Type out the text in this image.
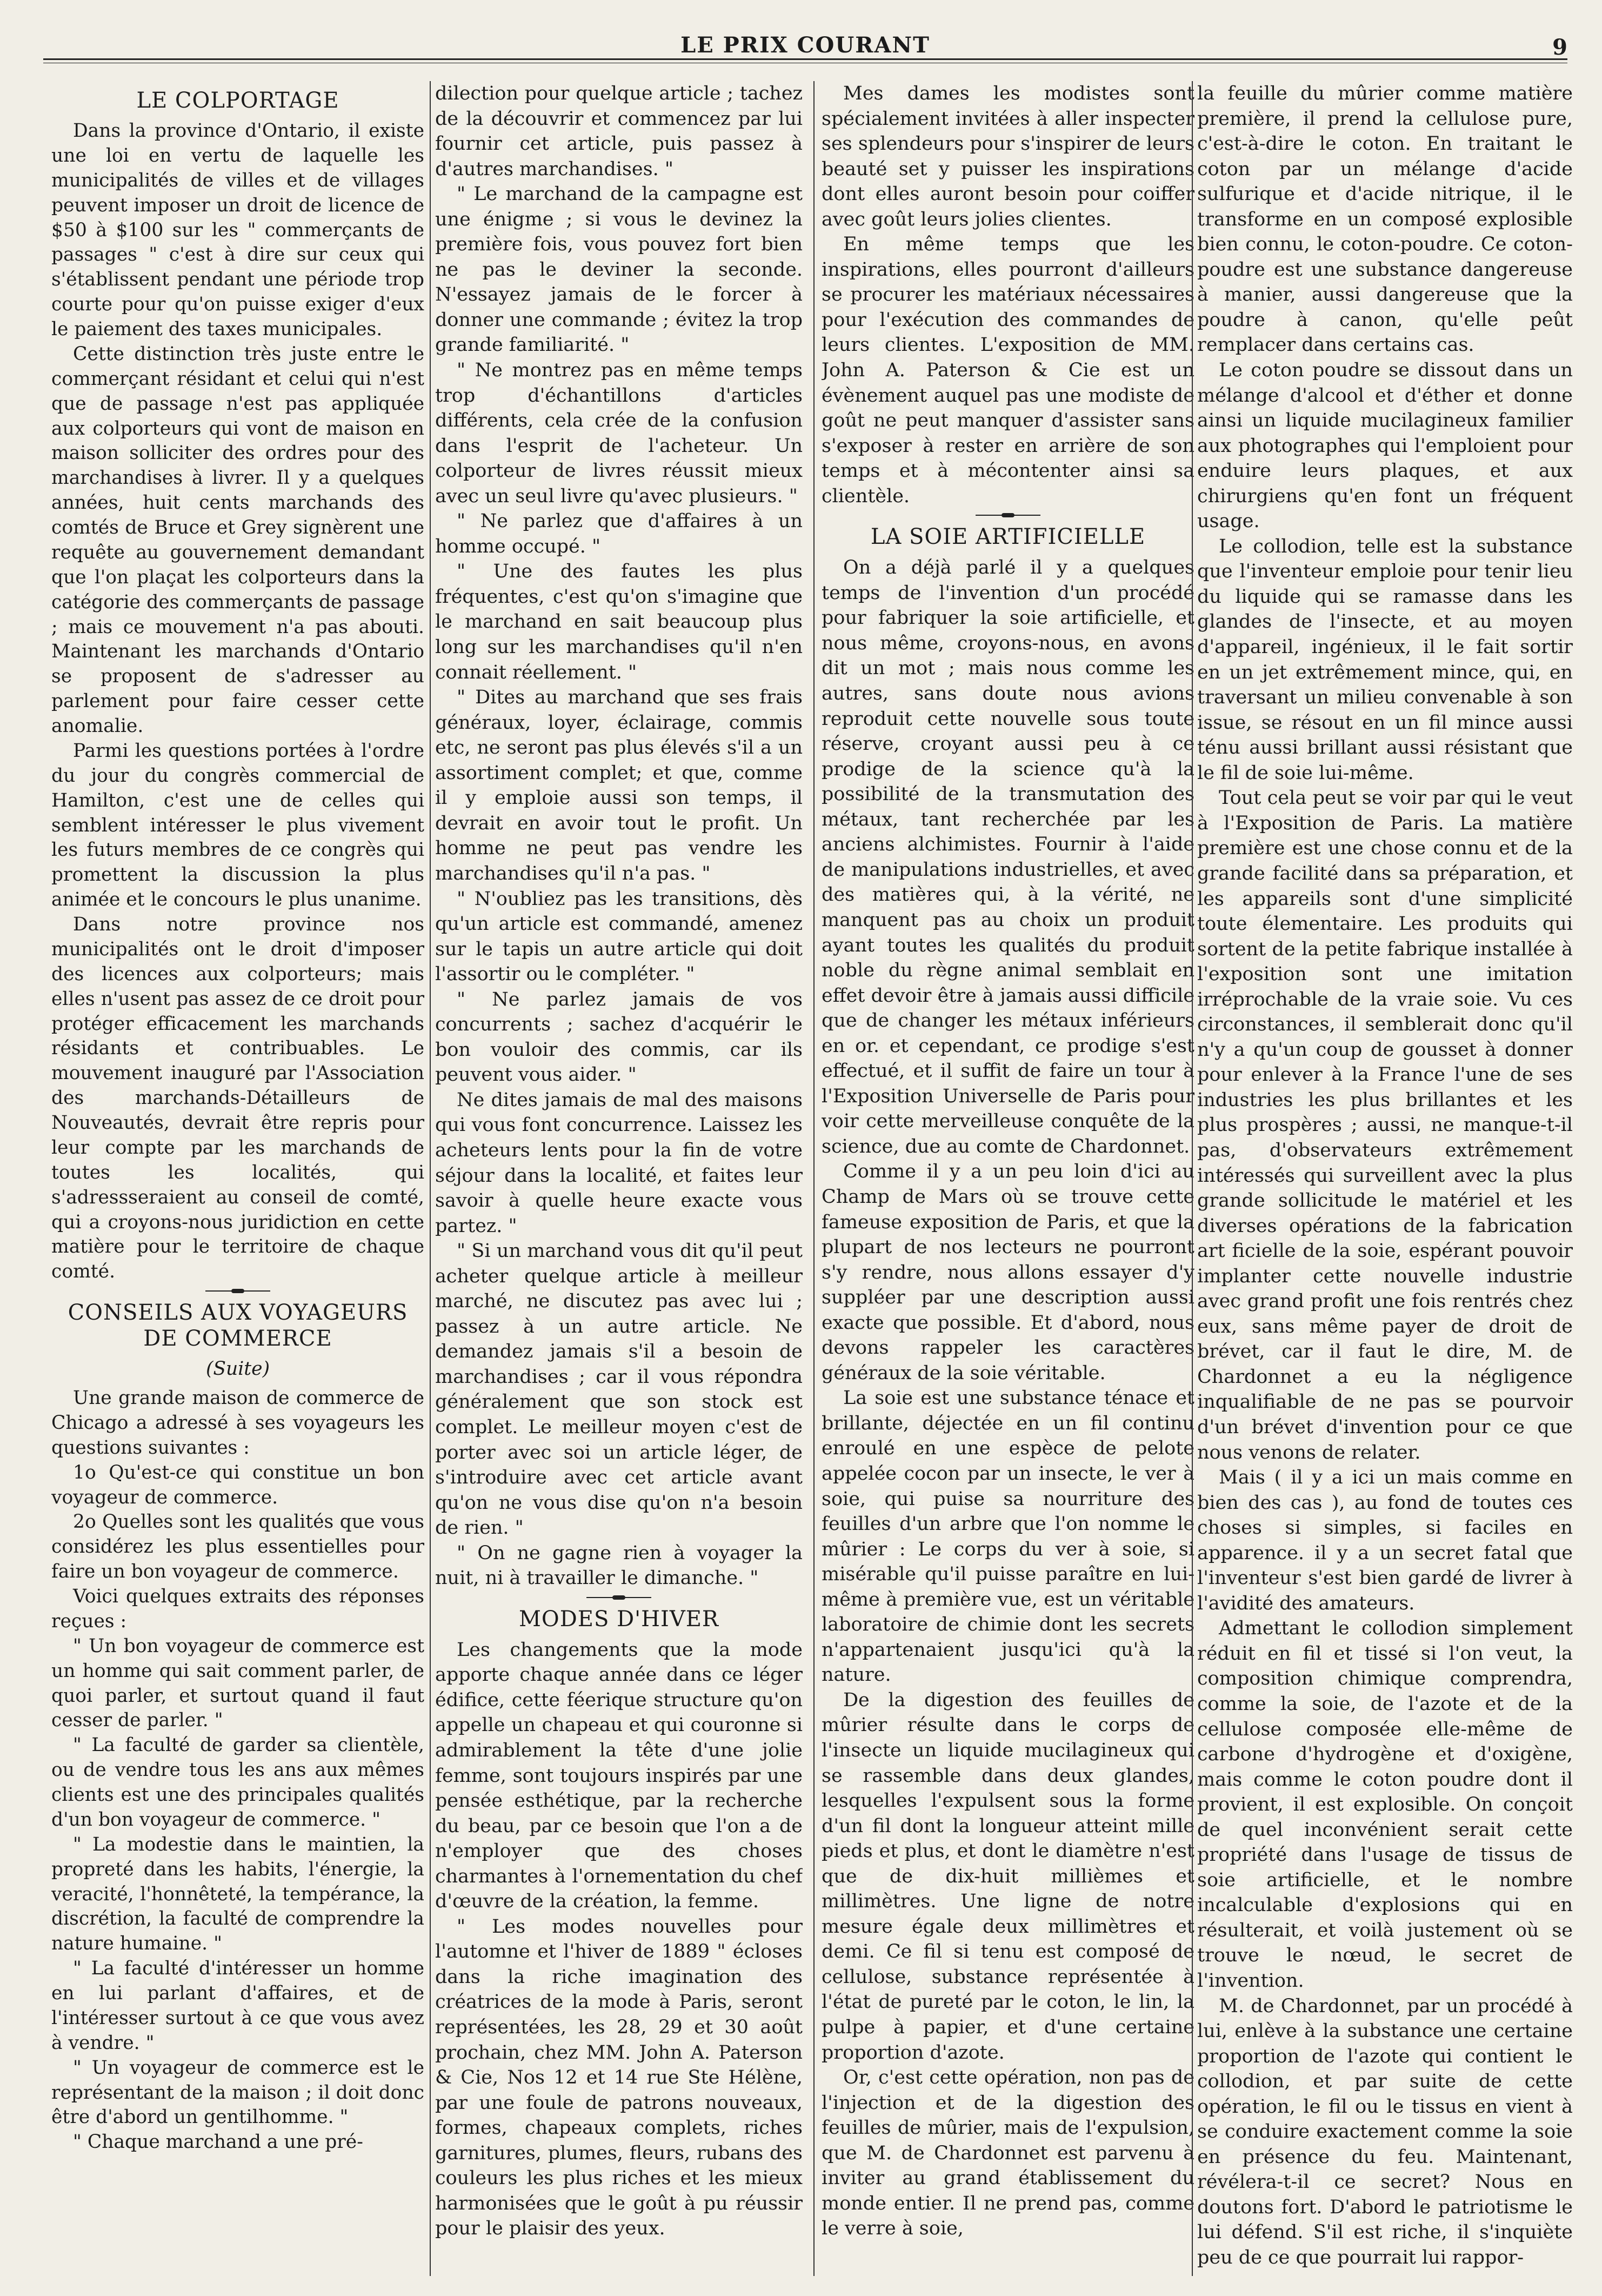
LE PRIX COURANT	9
LE COLPORTAGE

Dans la province d'Ontario, il existe une loi en vertu de laquelle les municipalités de villes et de villages peuvent imposer un droit de licence de $50 à $100 sur les " commerçants de passages " c'est à dire sur ceux qui s'établissent pendant une période trop courte pour qu'on puisse exiger d'eux le paiement des taxes municipales.

Cette distinction très juste entre le commerçant résidant et celui qui n'est que de passage n'est pas appliquée aux colporteurs qui vont de maison en maison solliciter des ordres pour des marchandises à livrer. Il y a quelques années, huit cents marchands des comtés de Bruce et Grey signèrent une requête au gouvernement demandant que l'on plaçat les colporteurs dans la catégorie des commerçants de passage ; mais ce mouvement n'a pas abouti. Maintenant les marchands d'Ontario se proposent de s'adresser au parlement pour faire cesser cette anomalie.

Parmi les questions portées à l'ordre du jour du congrès commercial de Hamilton, c'est une de celles qui semblent intéresser le plus vivement les futurs membres de ce congrès qui promettent la discussion la plus animée et le concours le plus unanime.

Dans notre province nos municipalités ont le droit d'imposer des licences aux colporteurs; mais elles n'usent pas assez de ce droit pour protéger efficacement les marchands résidants et contribuables. Le mouvement inauguré par l'Association des marchands-Détailleurs de Nouveautés, devrait être repris pour leur compte par les marchands de toutes les localités, qui s'adressseraient au conseil de comté, qui a croyons-nous juridiction en cette matière pour le territoire de chaque comté.

CONSEILS AUX VOYAGEURS DE COMMERCE

(Suite)

Une grande maison de commerce de Chicago a adressé à ses voyageurs les questions suivantes :

1o Qu'est-ce qui constitue un bon voyageur de commerce.

2o Quelles sont les qualités que vous considérez les plus essentielles pour faire un bon voyageur de commerce.

Voici quelques extraits des réponses reçues :

" Un bon voyageur de commerce est un homme qui sait comment parler, de quoi parler, et surtout quand il faut cesser de parler. "

" La faculté de garder sa clientèle, ou de vendre tous les ans aux mêmes clients est une des principales qualités d'un bon voyageur de commerce. "

" La modestie dans le maintien, la propreté dans les habits, l'énergie, la veracité, l'honnêteté, la tempérance, la discrétion, la faculté de comprendre la nature humaine. "

" La faculté d'intéresser un homme en lui parlant d'affaires, et de l'intéresser surtout à ce que vous avez à vendre. "

" Un voyageur de commerce est le représentant de la maison ; il doit donc être d'abord un gentilhomme. "

" Chaque marchand a une pré-

dilection pour quelque article ; tachez de la découvrir et commencez par lui fournir cet article, puis passez à d'autres marchandises. "

" Le marchand de la campagne est une énigme ; si vous le devinez la première fois, vous pouvez fort bien ne pas le deviner la seconde. N'essayez jamais de le forcer à donner une commande ; évitez la trop grande familiarité. "

" Ne montrez pas en même temps trop d'échantillons d'articles différents, cela crée de la confusion dans l'esprit de l'acheteur. Un colporteur de livres réussit mieux avec un seul livre qu'avec plusieurs. "

" Ne parlez que d'affaires à un homme occupé. "

" Une des fautes les plus fréquentes, c'est qu'on s'imagine que le marchand en sait beaucoup plus long sur les marchandises qu'il n'en connait réellement. "

" Dites au marchand que ses frais généraux, loyer, éclairage, commis etc, ne seront pas plus élevés s'il a un assortiment complet; et que, comme il y emploie aussi son temps, il devrait en avoir tout le profit. Un homme ne peut pas vendre les marchandises qu'il n'a pas. "

" N'oubliez pas les transitions, dès qu'un article est commandé, amenez sur le tapis un autre article qui doit l'assortir ou le compléter. "

" Ne parlez jamais de vos concurrents ; sachez d'acquérir le bon vouloir des commis, car ils peuvent vous aider. "

Ne dites jamais de mal des maisons qui vous font concurrence. Laissez les acheteurs lents pour la fin de votre séjour dans la localité, et faites leur savoir à quelle heure exacte vous partez. "

" Si un marchand vous dit qu'il peut acheter quelque article à meilleur marché, ne discutez pas avec lui ; passez à un autre article. Ne demandez jamais s'il a besoin de marchandises ; car il vous répondra généralement que son stock est complet. Le meilleur moyen c'est de porter avec soi un article léger, de s'introduire avec cet article avant qu'on ne vous dise qu'on n'a besoin de rien. "

" On ne gagne rien à voyager la nuit, ni à travailler le dimanche. "

MODES D'HIVER

Les changements que la mode apporte chaque année dans ce léger édifice, cette féerique structure qu'on appelle un chapeau et qui couronne si admirablement la tête d'une jolie femme, sont toujours inspirés par une pensée esthétique, par la recherche du beau, par ce besoin que l'on a de n'employer que des choses charmantes à l'ornementation du chef d'œuvre de la création, la femme.

" Les modes nouvelles pour l'automne et l'hiver de 1889 " écloses dans la riche imagination des créatrices de la mode à Paris, seront représentées, les 28, 29 et 30 août prochain, chez MM. John A. Paterson & Cie, Nos 12 et 14 rue Ste Hélène, par une foule de patrons nouveaux, formes, chapeaux complets, riches garnitures, plumes, fleurs, rubans des couleurs les plus riches et les mieux harmonisées que le goût à pu réussir pour le plaisir des yeux.

Mes dames les modistes sont spécialement invitées à aller inspecter ses splendeurs pour s'inspirer de leurs beauté set y puisser les inspirations dont elles auront besoin pour coiffer avec goût leurs jolies clientes.

En même temps que les inspirations, elles pourront d'ailleurs se procurer les matériaux nécessaires pour l'exécution des commandes de leurs clientes. L'exposition de MM. John A. Paterson & Cie est un évènement auquel pas une modiste de goût ne peut manquer d'assister sans s'exposer à rester en arrière de son temps et à mécontenter ainsi sa clientèle.

LA SOIE ARTIFICIELLE

On a déjà parlé il y a quelques temps de l'invention d'un procédé pour fabriquer la soie artificielle, et nous même, croyons-nous, en avons dit un mot ; mais nous comme les autres, sans doute nous avions reproduit cette nouvelle sous toute réserve, croyant aussi peu à ce prodige de la science qu'à la possibilité de la transmutation des métaux, tant recherchée par les anciens alchimistes. Fournir à l'aide de manipulations industrielles, et avec des matières qui, à la vérité, ne manquent pas au choix un produit ayant toutes les qualités du produit noble du règne animal semblait en effet devoir être à jamais aussi difficile que de changer les métaux inférieurs en or. et cependant, ce prodige s'est effectué, et il suffit de faire un tour à l'Exposition Universelle de Paris pour voir cette merveilleuse conquête de la science, due au comte de Chardonnet.

Comme il y a un peu loin d'ici au Champ de Mars où se trouve cette fameuse exposition de Paris, et que la plupart de nos lecteurs ne pourront s'y rendre, nous allons essayer d'y suppléer par une description aussi exacte que possible. Et d'abord, nous devons rappeler les caractères généraux de la soie véritable.

La soie est une substance ténace et brillante, déjectée en un fil continu enroulé en une espèce de pelote appelée cocon par un insecte, le ver à soie, qui puise sa nourriture des feuilles d'un arbre que l'on nomme le mûrier : Le corps du ver à soie, si misérable qu'il puisse paraître en lui-même à première vue, est un véritable laboratoire de chimie dont les secrets n'appartenaient jusqu'ici qu'à la nature.

De la digestion des feuilles de mûrier résulte dans le corps de l'insecte un liquide mucilagineux qui se rassemble dans deux glandes, lesquelles l'expulsent sous la forme d'un fil dont la longueur atteint mille pieds et plus, et dont le diamètre n'est que de dix-huit millièmes et millimètres. Une ligne de notre mesure égale deux millimètres et demi. Ce fil si tenu est composé de cellulose, substance représentée à l'état de pureté par le coton, le lin, la pulpe à papier, et d'une certaine proportion d'azote.

Or, c'est cette opération, non pas de l'injection et de la digestion des feuilles de mûrier, mais de l'expulsion, que M. de Chardonnet est parvenu à inviter au grand établissement du monde entier. Il ne prend pas, comme le verre à soie,

la feuille du mûrier comme matière première, il prend la cellulose pure, c'est-à-dire le coton. En traitant le coton par un mélange d'acide sulfurique et d'acide nitrique, il le transforme en un composé explosible bien connu, le coton-poudre. Ce coton-poudre est une substance dangereuse à manier, aussi dangereuse que la poudre à canon, qu'elle peût remplacer dans certains cas.

Le coton poudre se dissout dans un mélange d'alcool et d'éther et donne ainsi un liquide mucilagineux familier aux photographes qui l'emploient pour enduire leurs plaques, et aux chirurgiens qu'en font un fréquent usage.

Le collodion, telle est la substance que l'inventeur emploie pour tenir lieu du liquide qui se ramasse dans les glandes de l'insecte, et au moyen d'appareil, ingénieux, il le fait sortir en un jet extrêmement mince, qui, en traversant un milieu convenable à son issue, se résout en un fil mince aussi ténu aussi brillant aussi résistant que le fil de soie lui-même.

Tout cela peut se voir par qui le veut à l'Exposition de Paris. La matière première est une chose connu et de la grande facilité dans sa préparation, et les appareils sont d'une simplicité toute élementaire. Les produits qui sortent de la petite fabrique installée à l'exposition sont une imitation irréprochable de la vraie soie. Vu ces circonstances, il semblerait donc qu'il n'y a qu'un coup de gousset à donner pour enlever à la France l'une de ses industries les plus brillantes et les plus prospères ; aussi, ne manque-t-il pas, d'observateurs extrêmement intéressés qui surveillent avec la plus grande sollicitude le matériel et les diverses opérations de la fabrication art ficielle de la soie, espérant pouvoir implanter cette nouvelle industrie avec grand profit une fois rentrés chez eux, sans même payer de droit de brévet, car il faut le dire, M. de Chardonnet a eu la négligence inqualifiable de ne pas se pourvoir d'un brévet d'invention pour ce que nous venons de relater.

Mais ( il y a ici un mais comme en bien des cas ), au fond de toutes ces choses si simples, si faciles en apparence. il y a un secret fatal que l'inventeur s'est bien gardé de livrer à l'avidité des amateurs.

Admettant le collodion simplement réduit en fil et tissé si l'on veut, la composition chimique comprendra, comme la soie, de l'azote et de la cellulose composée elle-même de carbone d'hydrogène et d'oxigène, mais comme le coton poudre dont il provient, il est explosible. On conçoit de quel inconvénient serait cette propriété dans l'usage de tissus de soie artificielle, et le nombre incalculable d'explosions qui en résulterait, et voilà justement où se trouve le nœud, le secret de l'invention.

M. de Chardonnet, par un procédé à lui, enlève à la substance une certaine proportion de l'azote qui contient le collodion, et par suite de cette opération, le fil ou le tissus en vient à se conduire exactement comme la soie en présence du feu. Maintenant, révélera-t-il ce secret? Nous en doutons fort. D'abord le patriotisme le lui défend. S'il est riche, il s'inquiète peu de ce que pourrait lui rappor-
